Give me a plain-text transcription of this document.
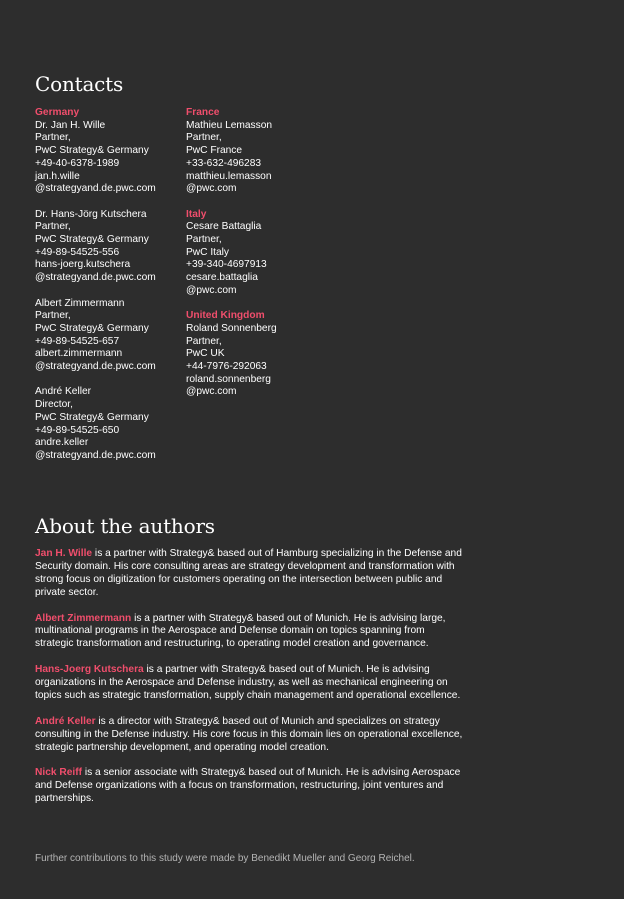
Contacts
Germany
Dr. Jan H. Wille
Partner,
PwC Strategy& Germany
+49-40-6378-1989
jan.h.wille
@strategyand.de.pwc.com
Dr. Hans-Jörg Kutschera
Partner,
PwC Strategy& Germany
+49-89-54525-556
hans-joerg.kutschera
@strategyand.de.pwc.com
Albert Zimmermann
Partner,
PwC Strategy& Germany
+49-89-54525-657
albert.zimmermann
@strategyand.de.pwc.com
André Keller
Director,
PwC Strategy& Germany
+49-89-54525-650
andre.keller
@strategyand.de.pwc.com
France
Mathieu Lemasson
Partner,
PwC France
+33-632-496283
matthieu.lemasson
@pwc.com
Italy
Cesare Battaglia
Partner,
PwC Italy
+39-340-4697913
cesare.battaglia
@pwc.com
United Kingdom
Roland Sonnenberg
Partner,
PwC UK
+44-7976-292063
roland.sonnenberg
@pwc.com
About the authors

Jan H. Wille is a partner with Strategy& based out of Hamburg specializing in the Defense and Security domain. His core consulting areas are strategy development and transformation with strong focus on digitization for customers operating on the intersection between public and private sector.

Albert Zimmermann is a partner with Strategy& based out of Munich. He is advising large, multinational programs in the Aerospace and Defense domain on topics spanning from strategic transformation and restructuring, to operating model creation and governance.

Hans-Joerg Kutschera is a partner with Strategy& based out of Munich. He is advising organizations in the Aerospace and Defense industry, as well as mechanical engineering on topics such as strategic transformation, supply chain management and operational excellence.

André Keller is a director with Strategy& based out of Munich and specializes on strategy consulting in the Defense industry. His core focus in this domain lies on operational excellence, strategic partnership development, and operating model creation.

Nick Reiff is a senior associate with Strategy& based out of Munich. He is advising Aerospace and Defense organizations with a focus on transformation, restructuring, joint ventures and partnerships.

Further contributions to this study were made by Benedikt Mueller and Georg Reichel.
